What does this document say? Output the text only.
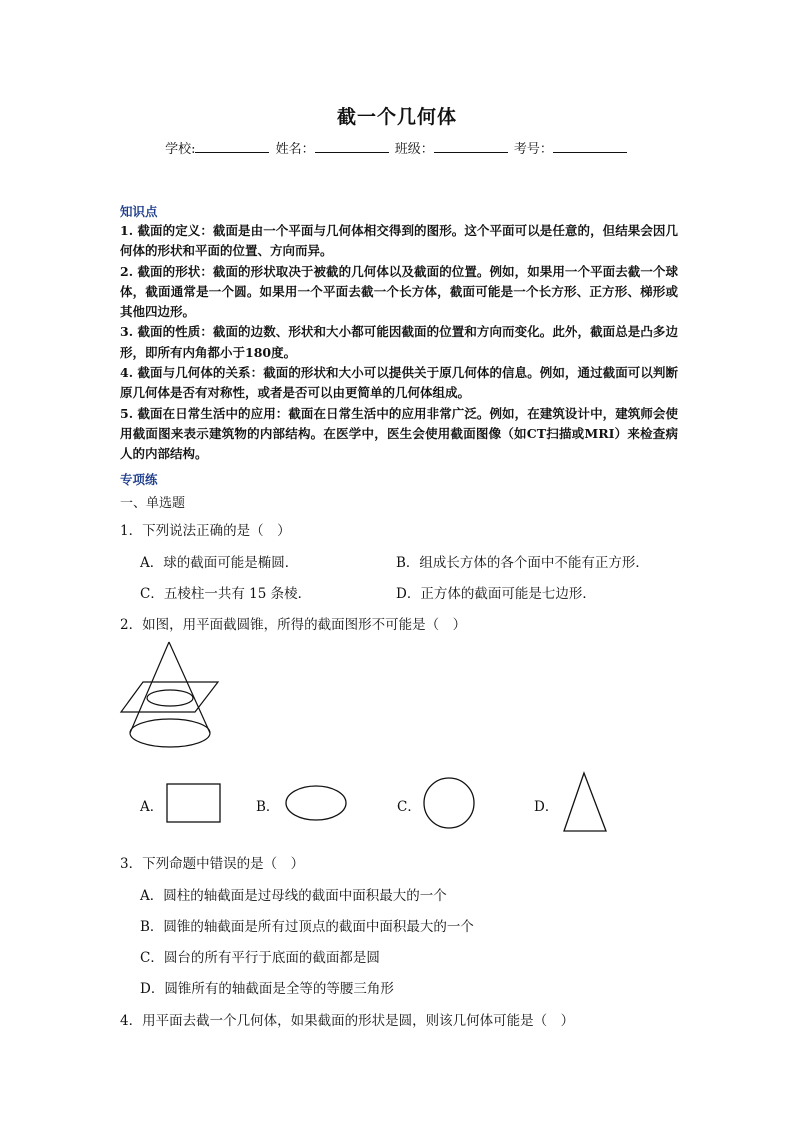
截一个几何体
学校:	姓名：	班级：	考号：
知识点

1. 截面的定义：截面是由一个平面与几何体相交得到的图形。这个平面可以是任意的，但结果会因几何体的形状和平面的位置、方向而异。

2. 截面的形状：截面的形状取决于被截的几何体以及截面的位置。例如，如果用一个平面去截一个球体，截面通常是一个圆。如果用一个平面去截一个长方体，截面可能是一个长方形、正方形、梯形或其他四边形。

3. 截面的性质：截面的边数、形状和大小都可能因截面的位置和方向而变化。此外，截面总是凸多边形，即所有内角都小于180度。

4. 截面与几何体的关系：截面的形状和大小可以提供关于原几何体的信息。例如，通过截面可以判断原几何体是否有对称性，或者是否可以由更简单的几何体组成。

5. 截面在日常生活中的应用：截面在日常生活中的应用非常广泛。例如，在建筑设计中，建筑师会使用截面图来表示建筑物的内部结构。在医学中，医生会使用截面图像（如CT扫描或MRI）来检查病人的内部结构。

专项练
一、单选题
1．下列说法正确的是（　）
A．球的截面可能是椭圆．	B．组成长方体的各个面中不能有正方形．
C．五棱柱一共有 15 条棱．	D．正方体的截面可能是七边形．
2．如图，用平面截圆锥，所得的截面图形不可能是（　）
A．	B．	C．	D．
3．下列命题中错误的是（　）
A．圆柱的轴截面是过母线的截面中面积最大的一个
B．圆锥的轴截面是所有过顶点的截面中面积最大的一个
C．圆台的所有平行于底面的截面都是圆
D．圆锥所有的轴截面是全等的等腰三角形
4．用平面去截一个几何体，如果截面的形状是圆，则该几何体可能是（　）
